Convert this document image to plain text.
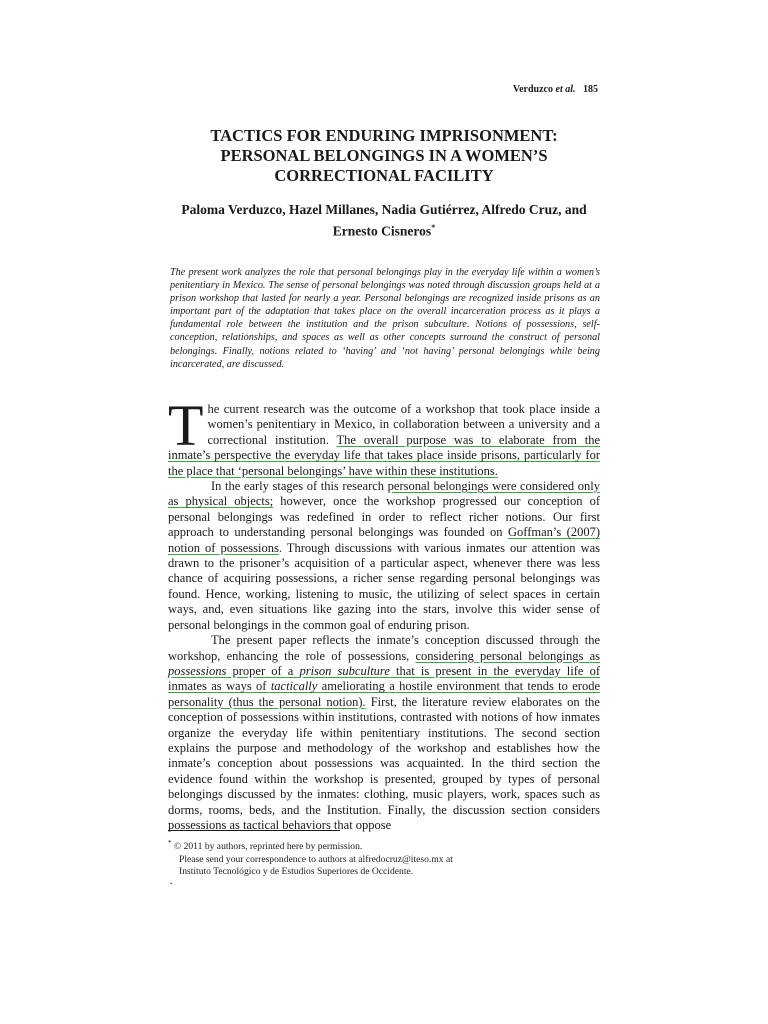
Verduzco et al. 185
TACTICS FOR ENDURING IMPRISONMENT:
PERSONAL BELONGINGS IN A WOMEN’S
CORRECTIONAL FACILITY
Paloma Verduzco, Hazel Millanes, Nadia Gutiérrez, Alfredo Cruz, and
Ernesto Cisneros*

The present work analyzes the role that personal belongings play in the everyday life within a women’s penitentiary in Mexico. The sense of personal belongings was noted through discussion groups held at a prison workshop that lasted for nearly a year. Personal belongings are recognized inside prisons as an important part of the adaptation that takes place on the overall incarceration process as it plays a fundamental role between the institution and the prison subculture. Notions of possessions, self-conception, relationships, and spaces as well as other concepts surround the construct of personal belongings. Finally, notions related to ‘having’ and ‘not having’ personal belongings while being incarcerated, are discussed.

The current research was the outcome of a workshop that took place inside a women’s penitentiary in Mexico, in collaboration between a university and a correctional institution. The overall purpose was to elaborate from the inmate’s perspective the everyday life that takes place inside prisons, particularly for the place that ‘personal belongings’ have within these institutions.

In the early stages of this research personal belongings were considered only as physical objects; however, once the workshop progressed our conception of personal belongings was redefined in order to reflect richer notions. Our first approach to understanding personal belongings was founded on Goffman’s (2007) notion of possessions. Through discussions with various inmates our attention was drawn to the prisoner’s acquisition of a particular aspect, whenever there was less chance of acquiring possessions, a richer sense regarding personal belongings was found. Hence, working, listening to music, the utilizing of select spaces in certain ways, and, even situations like gazing into the stars, involve this wider sense of personal belongings in the common goal of enduring prison.

The present paper reflects the inmate’s conception discussed through the workshop, enhancing the role of possessions, considering personal belongings as possessions proper of a prison subculture that is present in the everyday life of inmates as ways of tactically ameliorating a hostile environment that tends to erode personality (thus the personal notion). First, the literature review elaborates on the conception of possessions within institutions, contrasted with notions of how inmates organize the everyday life within penitentiary institutions. The second section explains the purpose and methodology of the workshop and establishes how the inmate’s conception about possessions was acquainted. In the third section the evidence found within the workshop is presented, grouped by types of personal belongings discussed by the inmates: clothing, music players, work, spaces such as dorms, rooms, beds, and the Institution. Finally, the discussion section considers possessions as tactical behaviors that oppose

* © 2011 by authors, reprinted here by permission.
Please send your correspondence to authors at alfredocruz@iteso.mx at
Instituto Tecnológico y de Estudios Superiores de Occidente.
.
